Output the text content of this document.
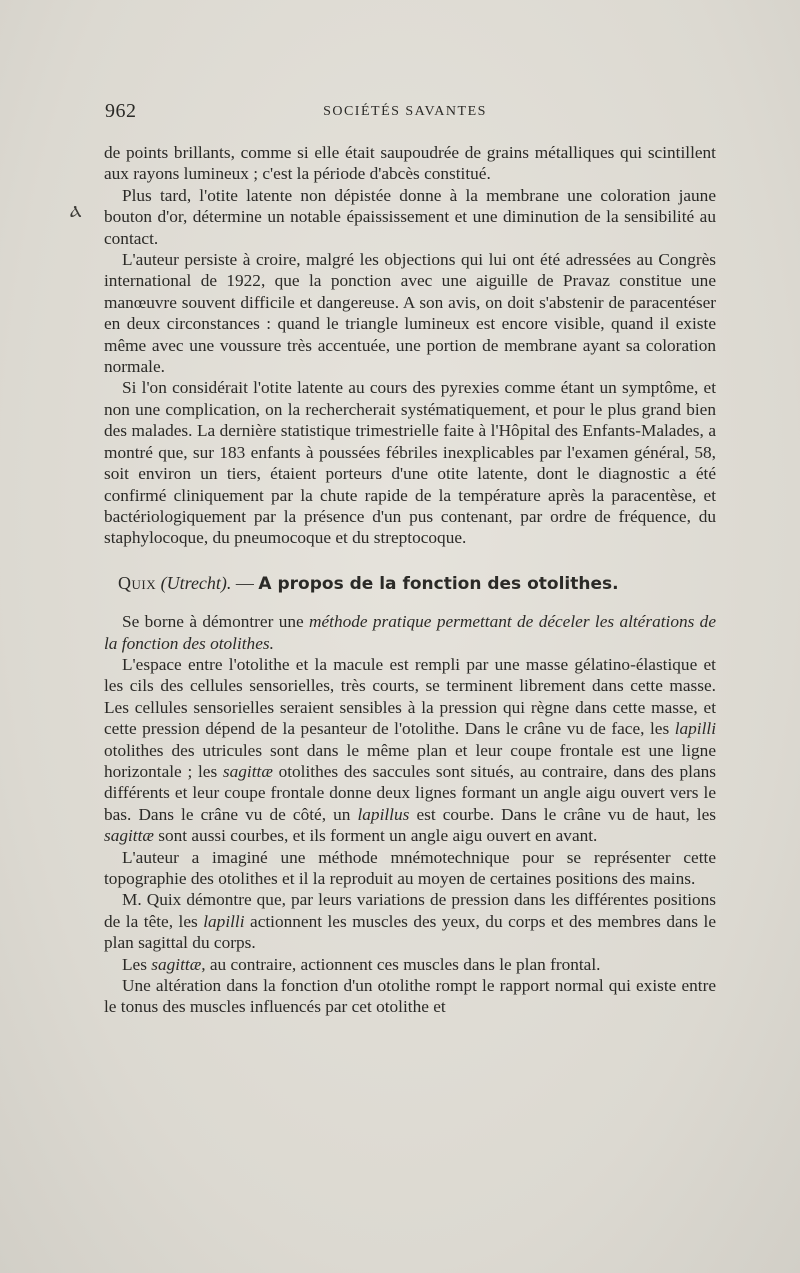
962	SOCIÉTÉS SAVANTES
Ⲁ

de points brillants, comme si elle était saupoudrée de grains métalliques qui scintillent aux rayons lumineux ; c'est la période d'abcès constitué.

Plus tard, l'otite latente non dépistée donne à la membrane une coloration jaune bouton d'or, détermine un notable épaississement et une diminution de la sensibilité au contact.

L'auteur persiste à croire, malgré les objections qui lui ont été adressées au Congrès international de 1922, que la ponction avec une aiguille de Pravaz constitue une manœuvre souvent difficile et dangereuse. A son avis, on doit s'abstenir de paracentéser en deux circonstances : quand le triangle lumineux est encore visible, quand il existe même avec une voussure très accentuée, une portion de membrane ayant sa coloration normale.

Si l'on considérait l'otite latente au cours des pyrexies comme étant un symptôme, et non une complication, on la rechercherait systématiquement, et pour le plus grand bien des malades. La dernière statistique trimestrielle faite à l'Hôpital des Enfants-Malades, a montré que, sur 183 enfants à poussées fébriles inexplicables par l'examen général, 58, soit environ un tiers, étaient porteurs d'une otite latente, dont le diagnostic a été confirmé cliniquement par la chute rapide de la température après la paracentèse, et bactériologiquement par la présence d'un pus contenant, par ordre de fréquence, du staphylocoque, du pneumocoque et du streptocoque.

Quix (Utrecht). — A propos de la fonction des otolithes.

Se borne à démontrer une méthode pratique permettant de déceler les altérations de la fonction des otolithes.

L'espace entre l'otolithe et la macule est rempli par une masse gélatino-élastique et les cils des cellules sensorielles, très courts, se terminent librement dans cette masse. Les cellules sensorielles seraient sensibles à la pression qui règne dans cette masse, et cette pression dépend de la pesanteur de l'otolithe. Dans le crâne vu de face, les lapilli otolithes des utricules sont dans le même plan et leur coupe frontale est une ligne horizontale ; les sagittæ otolithes des saccules sont situés, au contraire, dans des plans différents et leur coupe frontale donne deux lignes formant un angle aigu ouvert vers le bas. Dans le crâne vu de côté, un lapillus est courbe. Dans le crâne vu de haut, les sagittæ sont aussi courbes, et ils forment un angle aigu ouvert en avant.

L'auteur a imaginé une méthode mnémotechnique pour se représenter cette topographie des otolithes et il la reproduit au moyen de certaines positions des mains.

M. Quix démontre que, par leurs variations de pression dans les différentes positions de la tête, les lapilli actionnent les muscles des yeux, du corps et des membres dans le plan sagittal du corps.

Les sagittæ, au contraire, actionnent ces muscles dans le plan frontal.

Une altération dans la fonction d'un otolithe rompt le rapport normal qui existe entre le tonus des muscles influencés par cet otolithe et
